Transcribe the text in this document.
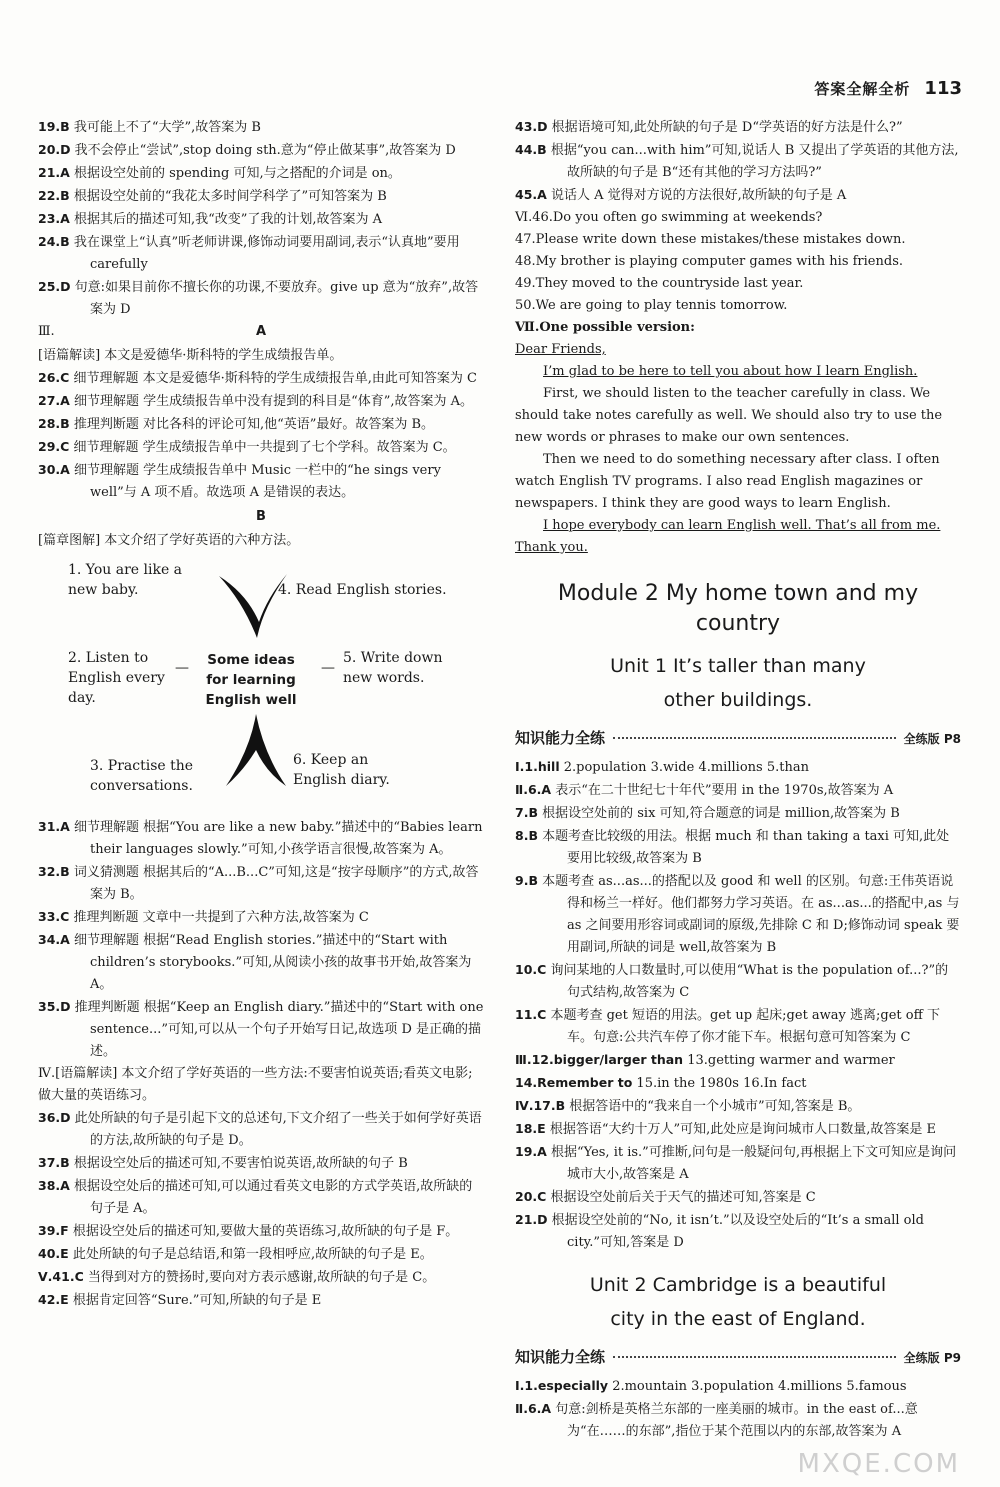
答案全解全析 113

19.B 我可能上不了“大学”,故答案为 B

20.D 我不会停止“尝试”,stop doing sth.意为“停止做某事”,故答案为 D

21.A 根据设空处前的 spending 可知,与之搭配的介词是 on。

22.B 根据设空处前的“我花太多时间学科学了”可知答案为 B

23.A 根据其后的描述可知,我“改变”了我的计划,故答案为 A

24.B 我在课堂上“认真”听老师讲课,修饰动词要用副词,表示“认真地”要用 carefully

25.D 句意:如果目前你不擅长你的功课,不要放弃。give up 意为“放弃”,故答案为 D

Ⅲ.	A

[语篇解读] 本文是爱德华·斯科特的学生成绩报告单。

26.C 细节理解题 本文是爱德华·斯科特的学生成绩报告单,由此可知答案为 C

27.A 细节理解题 学生成绩报告单中没有提到的科目是“体育”,故答案为 A。

28.B 推理判断题 对比各科的评论可知,他“英语”最好。故答案为 B。

29.C 细节理解题 学生成绩报告单中一共提到了七个学科。故答案为 C。

30.A 细节理解题 学生成绩报告单中 Music 一栏中的“he sings very well”与 A 项不盾。故选项 A 是错误的表达。

B

[篇章图解] 本文介绍了学好英语的六种方法。

1. You are like a new baby.	4. Read English stories.
2. Listen to English every day.
—	—
5. Write down new words.
3. Practise the conversations.
6. Keep an English diary.
Some ideas for learning English well

31.A 细节理解题 根据“You are like a new baby.”描述中的“Babies learn their languages slowly.”可知,小孩学语言很慢,故答案为 A。

32.B 词义猜测题 根据其后的“A...B...C”可知,这是“按字母顺序”的方式,故答案为 B。

33.C 推理判断题 文章中一共提到了六种方法,故答案为 C

34.A 细节理解题 根据“Read English stories.”描述中的“Start with children’s storybooks.”可知,从阅读小孩的故事书开始,故答案为 A。

35.D 推理判断题 根据“Keep an English diary.”描述中的“Start with one sentence...”可知,可以从一个句子开始写日记,故选项 D 是正确的描述。

Ⅳ.[语篇解读] 本文介绍了学好英语的一些方法:不要害怕说英语;看英文电影;做大量的英语练习。

36.D 此处所缺的句子是引起下文的总述句,下文介绍了一些关于如何学好英语的方法,故所缺的句子是 D。

37.B 根据设空处后的描述可知,不要害怕说英语,故所缺的句子 B

38.A 根据设空处后的描述可知,可以通过看英文电影的方式学英语,故所缺的句子是 A。

39.F 根据设空处后的描述可知,要做大量的英语练习,故所缺的句子是 F。

40.E 此处所缺的句子是总结语,和第一段相呼应,故所缺的句子是 E。

Ⅴ.41.C 当得到对方的赞扬时,要向对方表示感谢,故所缺的句子是 C。

42.E 根据肯定回答“Sure.”可知,所缺的句子是 E

43.D 根据语境可知,此处所缺的句子是 D“学英语的好方法是什么?”

44.B 根据“you can...with him”可知,说话人 B 又提出了学英语的其他方法,故所缺的句子是 B“还有其他的学习方法吗?”

45.A 说话人 A 觉得对方说的方法很好,故所缺的句子是 A

Ⅵ.46.Do you often go swimming at weekends?

47.Please write down these mistakes/these mistakes down.

48.My brother is playing computer games with his friends.

49.They moved to the countryside last year.

50.We are going to play tennis tomorrow.

Ⅶ.One possible version:

Dear Friends,

I’m glad to be here to tell you about how I learn English.

First, we should listen to the teacher carefully in class. We should take notes carefully as well. We should also try to use the new words or phrases to make our own sentences.

Then we need to do something necessary after class. I often watch English TV programs. I also read English magazines or newspapers. I think they are good ways to learn English.

I hope everybody can learn English well. That’s all from me. Thank you.

Module 2 My home town and my country

Unit 1 It’s taller than many

other buildings.

知识能力全练	全练版 P8

Ⅰ.1.hill 2.population 3.wide 4.millions 5.than

Ⅱ.6.A 表示“在二十世纪七十年代”要用 in the 1970s,故答案为 A

7.B 根据设空处前的 six 可知,符合题意的词是 million,故答案为 B

8.B 本题考查比较级的用法。根据 much 和 than taking a taxi 可知,此处要用比较级,故答案为 B

9.B 本题考查 as...as...的搭配以及 good 和 well 的区别。句意:王伟英语说得和杨兰一样好。他们都努力学习英语。在 as...as...的搭配中,as 与 as 之间要用形容词或副词的原级,先排除 C 和 D;修饰动词 speak 要用副词,所缺的词是 well,故答案为 B

10.C 询问某地的人口数量时,可以使用“What is the population of...?”的句式结构,故答案为 C

11.C 本题考查 get 短语的用法。get up 起床;get away 逃离;get off 下车。句意:公共汽车停了你才能下车。根据句意可知答案为 C

Ⅲ.12.bigger/larger than 13.getting warmer and warmer

14.Remember to 15.in the 1980s 16.In fact

Ⅳ.17.B 根据答语中的“我来自一个小城市”可知,答案是 B。

18.E 根据答语“大约十万人”可知,此处应是询问城市人口数量,故答案是 E

19.A 根据“Yes, it is.”可推断,问句是一般疑问句,再根据上下文可知应是询问城市大小,故答案是 A

20.C 根据设空处前后关于天气的描述可知,答案是 C

21.D 根据设空处前的“No, it isn’t.”以及设空处后的“It’s a small old city.”可知,答案是 D

Unit 2 Cambridge is a beautiful

city in the east of England.

知识能力全练	全练版 P9

Ⅰ.1.especially 2.mountain 3.population 4.millions 5.famous

Ⅱ.6.A 句意:剑桥是英格兰东部的一座美丽的城市。in the east of...意为“在……的东部”,指位于某个范围以内的东部,故答案为 A

MXQE.COM
